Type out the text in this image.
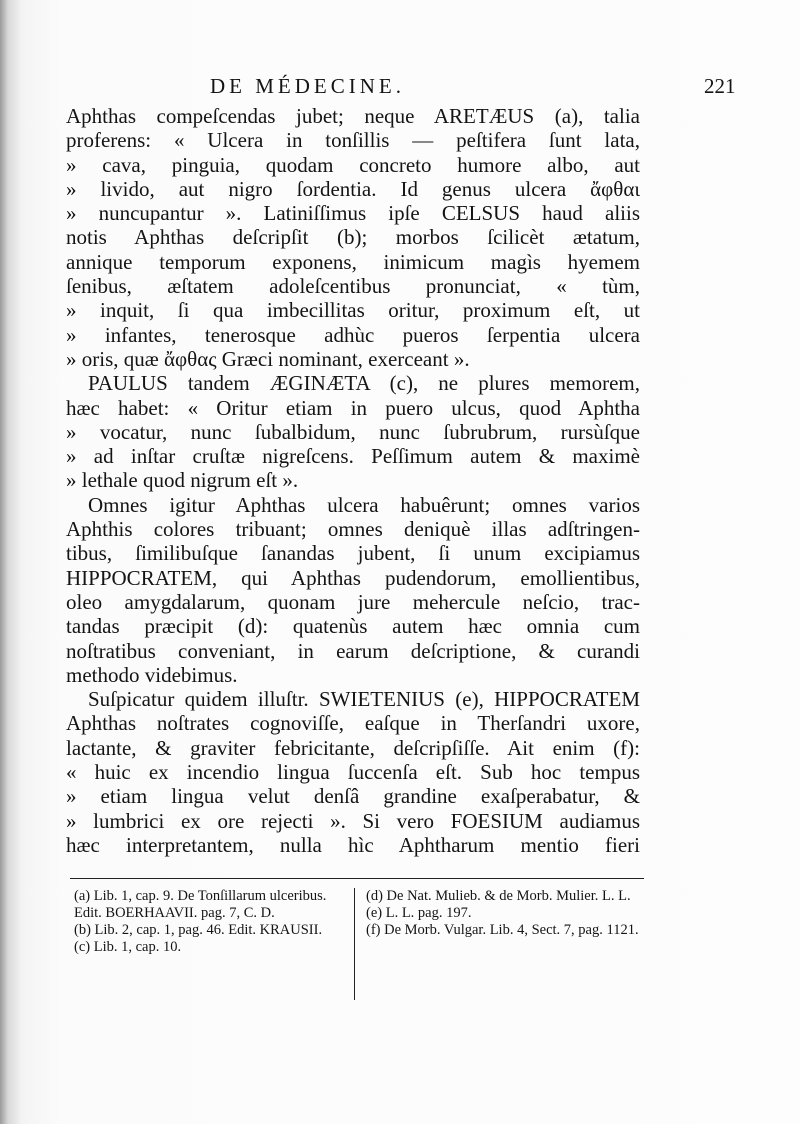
DE MÉDECINE.	221
Aphthas compeſcendas jubet; neque ARETÆUS (a), talia
proferens: « Ulcera in tonſillis — peſtifera ſunt lata,
» cava, pinguia, quodam concreto humore albo, aut
» livido, aut nigro ſordentia. Id genus ulcera ἄφθαι
» nuncupantur ». Latiniſſimus ipſe CELSUS haud aliis
notis Aphthas deſcripſit (b); morbos ſcilicèt ætatum,
annique temporum exponens, inimicum magìs hyemem
ſenibus, æſtatem adoleſcentibus pronunciat, « tùm,
» inquit, ſi qua imbecillitas oritur, proximum eſt, ut
» infantes, tenerosque adhùc pueros ſerpentia ulcera
» oris, quæ ἄφθας Græci nominant, exerceant ».
PAULUS tandem ÆGINÆTA (c), ne plures memorem,
hæc habet: « Oritur etiam in puero ulcus, quod Aphtha
» vocatur, nunc ſubalbidum, nunc ſubrubrum, rursùſque
» ad inſtar cruſtæ nigreſcens. Peſſimum autem & maximè
» lethale quod nigrum eſt ».
Omnes igitur Aphthas ulcera habuêrunt; omnes varios
Aphthis colores tribuant; omnes deniquè illas adſtringen-
tibus, ſimilibuſque ſanandas jubent, ſi unum excipiamus
HIPPOCRATEM, qui Aphthas pudendorum, emollientibus,
oleo amygdalarum, quonam jure mehercule neſcio, trac-
tandas præcipit (d): quatenùs autem hæc omnia cum
noſtratibus conveniant, in earum deſcriptione, & curandi
methodo videbimus.
Suſpicatur quidem illuſtr. SWIETENIUS (e), HIPPOCRATEM
Aphthas noſtrates cognoviſſe, eaſque in Therſandri uxore,
lactante, & graviter febricitante, deſcripſiſſe. Ait enim (f):
« huic ex incendio lingua ſuccenſa eſt. Sub hoc tempus
» etiam lingua velut denſâ grandine exaſperabatur, &
» lumbrici ex ore rejecti ». Si vero FOESIUM audiamus
hæc interpretantem, nulla hìc Aphtharum mentio fieri
(a) Lib. 1, cap. 9. De Tonſillarum ulceribus. Edit. BOERHAAVII. pag. 7, C. D.
(b) Lib. 2, cap. 1, pag. 46. Edit. KRAUSII.
(c) Lib. 1, cap. 10.
(d) De Nat. Mulieb. & de Morb. Mulier. L. L.
(e) L. L. pag. 197.
(f) De Morb. Vulgar. Lib. 4, Sect. 7, pag. 1121.
